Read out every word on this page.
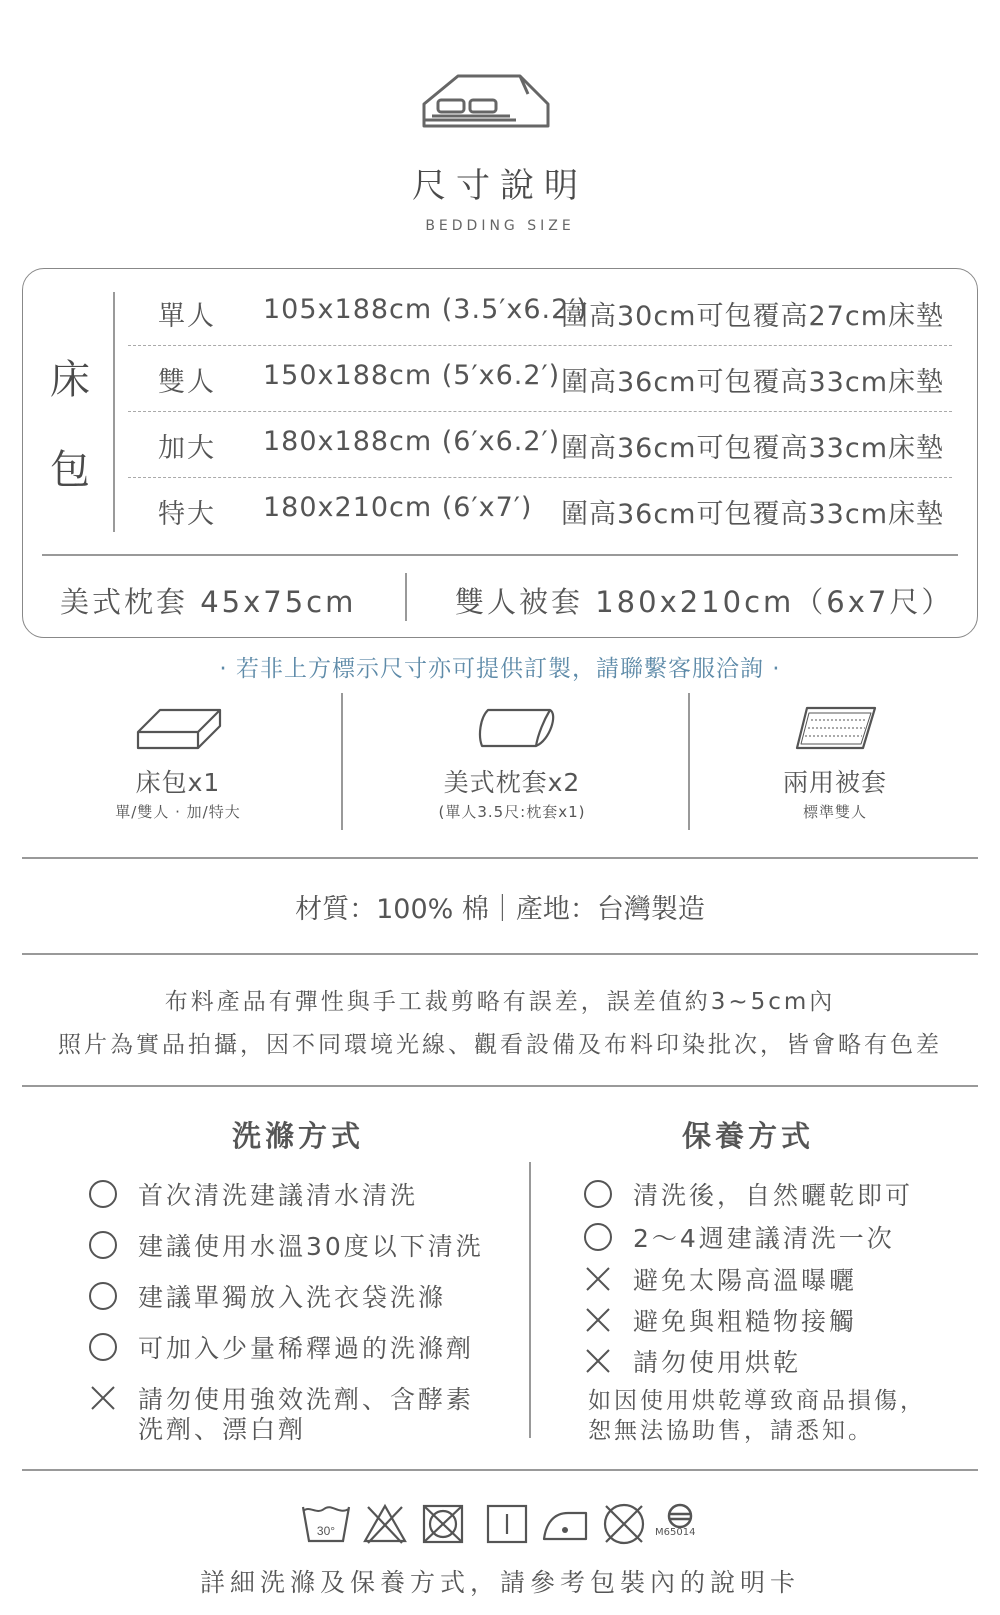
尺寸說明
BEDDING SIZE
床包
單人 105x188cm (3.5′x6.2′)
圍高30cm可包覆高27cm床墊
雙人 150x188cm (5′x6.2′) 圍高36cm可包覆高33cm床墊
加大 180x188cm (6′x6.2′) 圍高36cm可包覆高33cm床墊
特大 180x210cm (6′x7′) 圍高36cm可包覆高33cm床墊
美式枕套 45x75cm	雙人被套 180x210cm（6x7尺）
· 若非上方標示尺寸亦可提供訂製，請聯繫客服洽詢 ·
床包x1
單/雙人 · 加/特大
美式枕套x2
(單人3.5尺:枕套x1)
兩用被套
標準雙人
材質：100% 棉｜產地：台灣製造
布料產品有彈性與手工裁剪略有誤差，誤差值約3~5cm內
照片為實品拍攝，因不同環境光線、觀看設備及布料印染批次，皆會略有色差
洗滌方式
首次清洗建議清水清洗
建議使用水溫30度以下清洗
建議單獨放入洗衣袋洗滌
可加入少量稀釋過的洗滌劑
請勿使用強效洗劑、含酵素
洗劑、漂白劑
保養方式
清洗後，自然曬乾即可
2～4週建議清洗一次
避免太陽高溫曝曬
避免與粗糙物接觸
請勿使用烘乾
如因使用烘乾導致商品損傷，
恕無法協助售，請悉知。
30°	M65014
詳細洗滌及保養方式，請參考包裝內的說明卡
